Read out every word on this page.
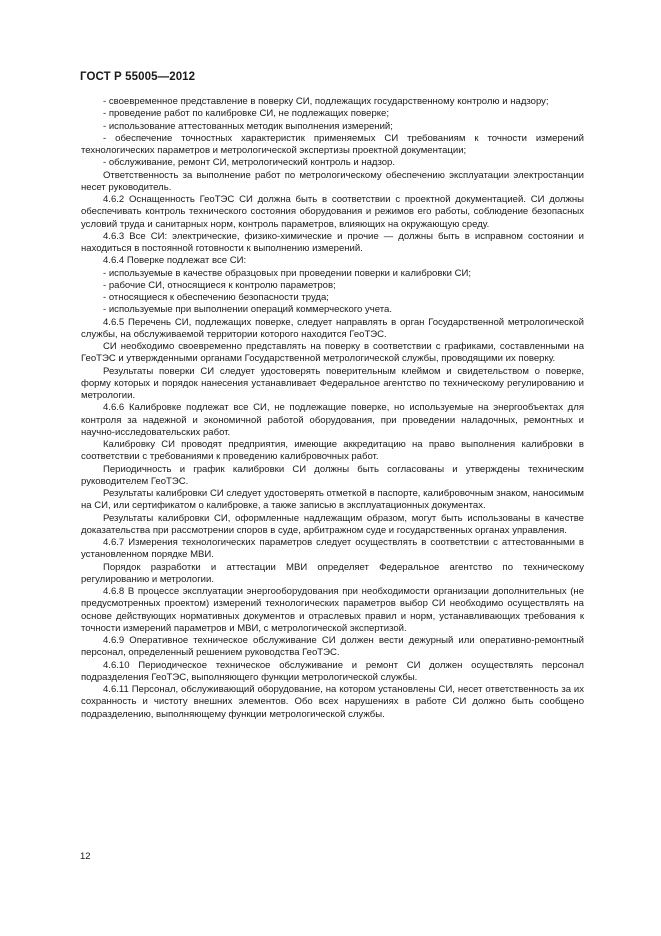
ГОСТ Р 55005—2012

- своевременное представление в поверку СИ, подлежащих государственному контролю и надзору;

- проведение работ по калибровке СИ, не подлежащих поверке;

- использование аттестованных методик выполнения измерений;

- обеспечение точностных характеристик применяемых СИ требованиям к точности измерений технологических параметров и метрологической экспертизы проектной документации;

- обслуживание, ремонт СИ, метрологический контроль и надзор.

Ответственность за выполнение работ по метрологическому обеспечению эксплуатации электростанции несет руководитель.

4.6.2 Оснащенность ГеоТЭС СИ должна быть в соответствии с проектной документацией. СИ должны обеспечивать контроль технического состояния оборудования и режимов его работы, соблюдение безопасных условий труда и санитарных норм, контроль параметров, влияющих на окружающую среду.

4.6.3 Все СИ: электрические, физико-химические и прочие — должны быть в исправном состоянии и находиться в постоянной готовности к выполнению измерений.

4.6.4 Поверке подлежат все СИ:

- используемые в качестве образцовых при проведении поверки и калибровки СИ;

- рабочие СИ, относящиеся к контролю параметров;

- относящиеся к обеспечению безопасности труда;

- используемые при выполнении операций коммерческого учета.

4.6.5 Перечень СИ, подлежащих поверке, следует направлять в орган Государственной метрологической службы, на обслуживаемой территории которого находится ГеоТЭС.

СИ необходимо своевременно представлять на поверку в соответствии с графиками, составленными на ГеоТЭС и утвержденными органами Государственной метрологической службы, проводящими их поверку.

Результаты поверки СИ следует удостоверять поверительным клеймом и свидетельством о поверке, форму которых и порядок нанесения устанавливает Федеральное агентство по техническому регулированию и метрологии.

4.6.6 Калибровке подлежат все СИ, не подлежащие поверке, но используемые на энергообъектах для контроля за надежной и экономичной работой оборудования, при проведении наладочных, ремонтных и научно-исследовательских работ.

Калибровку СИ проводят предприятия, имеющие аккредитацию на право выполнения калибровки в соответствии с требованиями к проведению калибровочных работ.

Периодичность и график калибровки СИ должны быть согласованы и утверждены техническим руководителем ГеоТЭС.

Результаты калибровки СИ следует удостоверять отметкой в паспорте, калибровочным знаком, наносимым на СИ, или сертификатом о калибровке, а также записью в эксплуатационных документах.

Результаты калибровки СИ, оформленные надлежащим образом, могут быть использованы в качестве доказательства при рассмотрении споров в суде, арбитражном суде и государственных органах управления.

4.6.7 Измерения технологических параметров следует осуществлять в соответствии с аттестованными в установленном порядке МВИ.

Порядок разработки и аттестации МВИ определяет Федеральное агентство по техническому регулированию и метрологии.

4.6.8 В процессе эксплуатации энергооборудования при необходимости организации дополнительных (не предусмотренных проектом) измерений технологических параметров выбор СИ необходимо осуществлять на основе действующих нормативных документов и отраслевых правил и норм, устанавливающих требования к точности измерений параметров и МВИ, с метрологической экспертизой.

4.6.9 Оперативное техническое обслуживание СИ должен вести дежурный или оперативно-ремонтный персонал, определенный решением руководства ГеоТЭС.

4.6.10 Периодическое техническое обслуживание и ремонт СИ должен осуществлять персонал подразделения ГеоТЭС, выполняющего функции метрологической службы.

4.6.11 Персонал, обслуживающий оборудование, на котором установлены СИ, несет ответственность за их сохранность и чистоту внешних элементов. Обо всех нарушениях в работе СИ должно быть сообщено подразделению, выполняющему функции метрологической службы.

12
